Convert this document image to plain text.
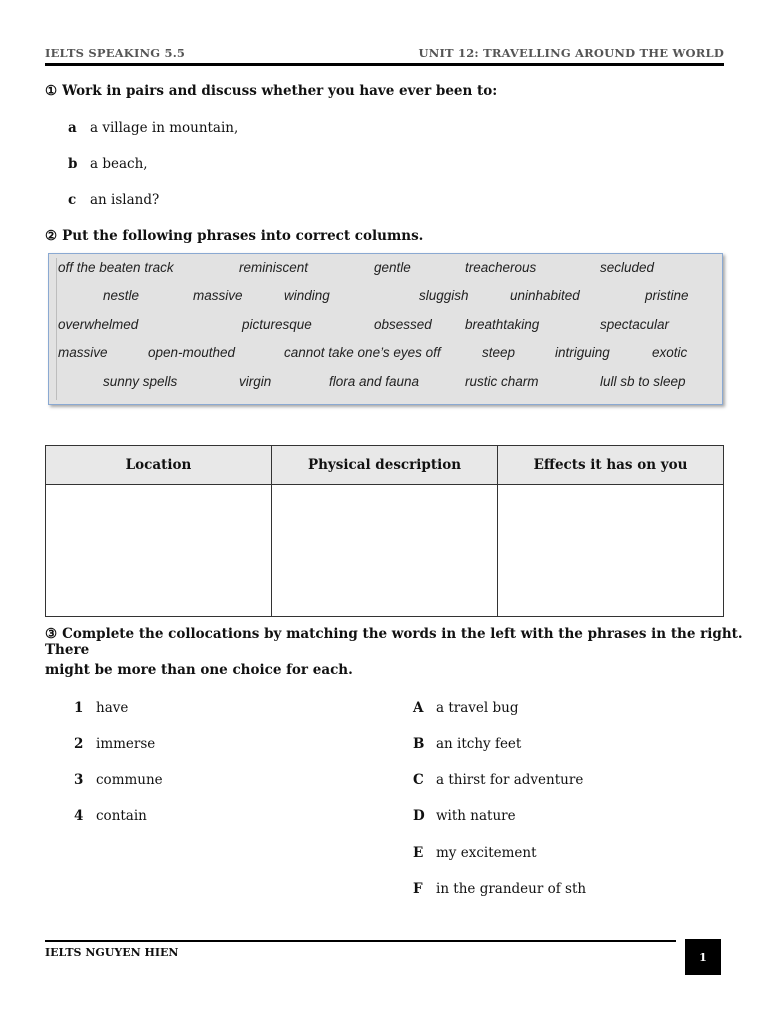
IELTS SPEAKING 5.5	UNIT 12: TRAVELLING AROUND THE WORLD
① Work in pairs and discuss whether you have ever been to:
a a village in mountain,
b a beach,
c an island?
② Put the following phrases into correct columns.
off the beaten track	reminiscent	gentle	treacherous	secluded
nestle	massive	winding	sluggish	uninhabited	pristine
overwhelmed	picturesque	obsessed breathtaking	spectacular
massive	open-mouthed	cannot take one’s eyes off	steep	intriguing	exotic
sunny spells	virgin	flora and fauna	rustic charm	lull sb to sleep
Location	Physical description	Effects it has on you

③ Complete the collocations by matching the words in the left with the phrases in the right. There
might be more than one choice for each.
1 have
2 immerse
3 commune
4 contain
A a travel bug
B an itchy feet
C a thirst for adventure
D with nature
E my excitement
F in the grandeur of sth
IELTS NGUYEN HIEN	1
